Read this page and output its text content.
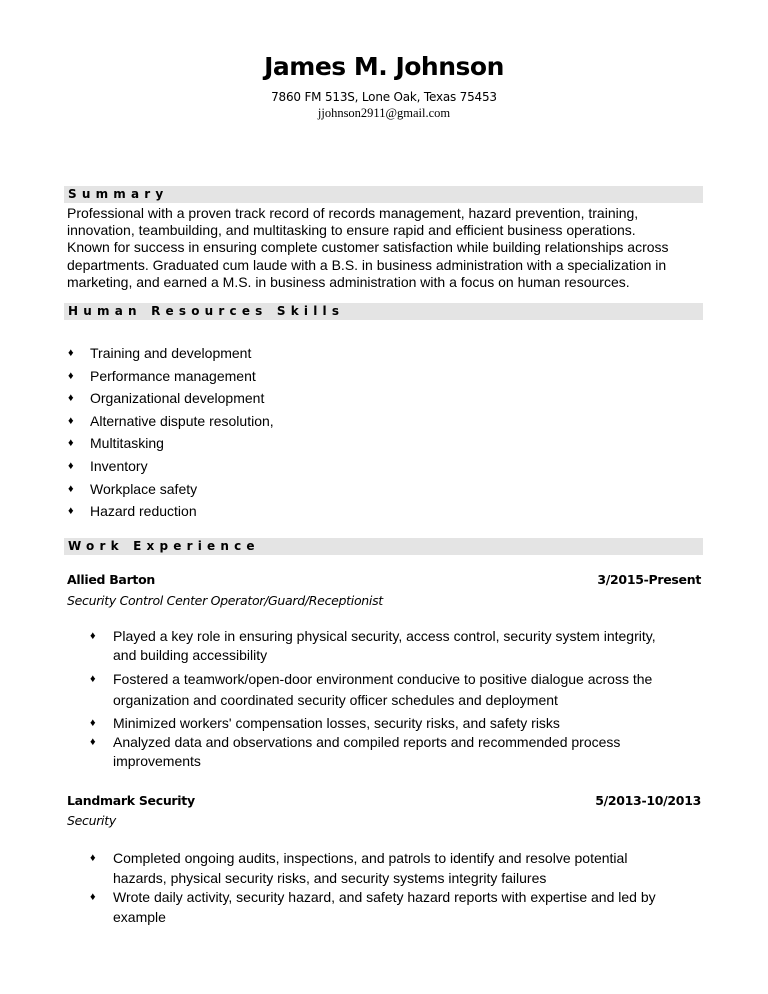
James M. Johnson
7860 FM 513S, Lone Oak, Texas 75453
jjohnson2911@gmail.com
Summary
Professional with a proven track record of records management, hazard prevention, training,
innovation, teambuilding, and multitasking to ensure rapid and efficient business operations.
Known for success in ensuring complete customer satisfaction while building relationships across
departments. Graduated cum laude with a B.S. in business administration with a specialization in
marketing, and earned a M.S. in business administration with a focus on human resources.
Human Resources Skills
♦ Training and development
♦ Performance management
♦ Organizational development
♦ Alternative dispute resolution,
♦ Multitasking
♦ Inventory
♦ Workplace safety
♦ Hazard reduction
Work Experience
Allied Barton	3/2015-Present
Security Control Center Operator/Guard/Receptionist
♦ Played a key role in ensuring physical security, access control, security system integrity,
and building accessibility
♦ Fostered a teamwork/open-door environment conducive to positive dialogue across the
organization and coordinated security officer schedules and deployment
♦ Minimized workers' compensation losses, security risks, and safety risks
♦ Analyzed data and observations and compiled reports and recommended process
improvements
Landmark Security	5/2013-10/2013
Security
♦ Completed ongoing audits, inspections, and patrols to identify and resolve potential
hazards, physical security risks, and security systems integrity failures
♦ Wrote daily activity, security hazard, and safety hazard reports with expertise and led by
example
